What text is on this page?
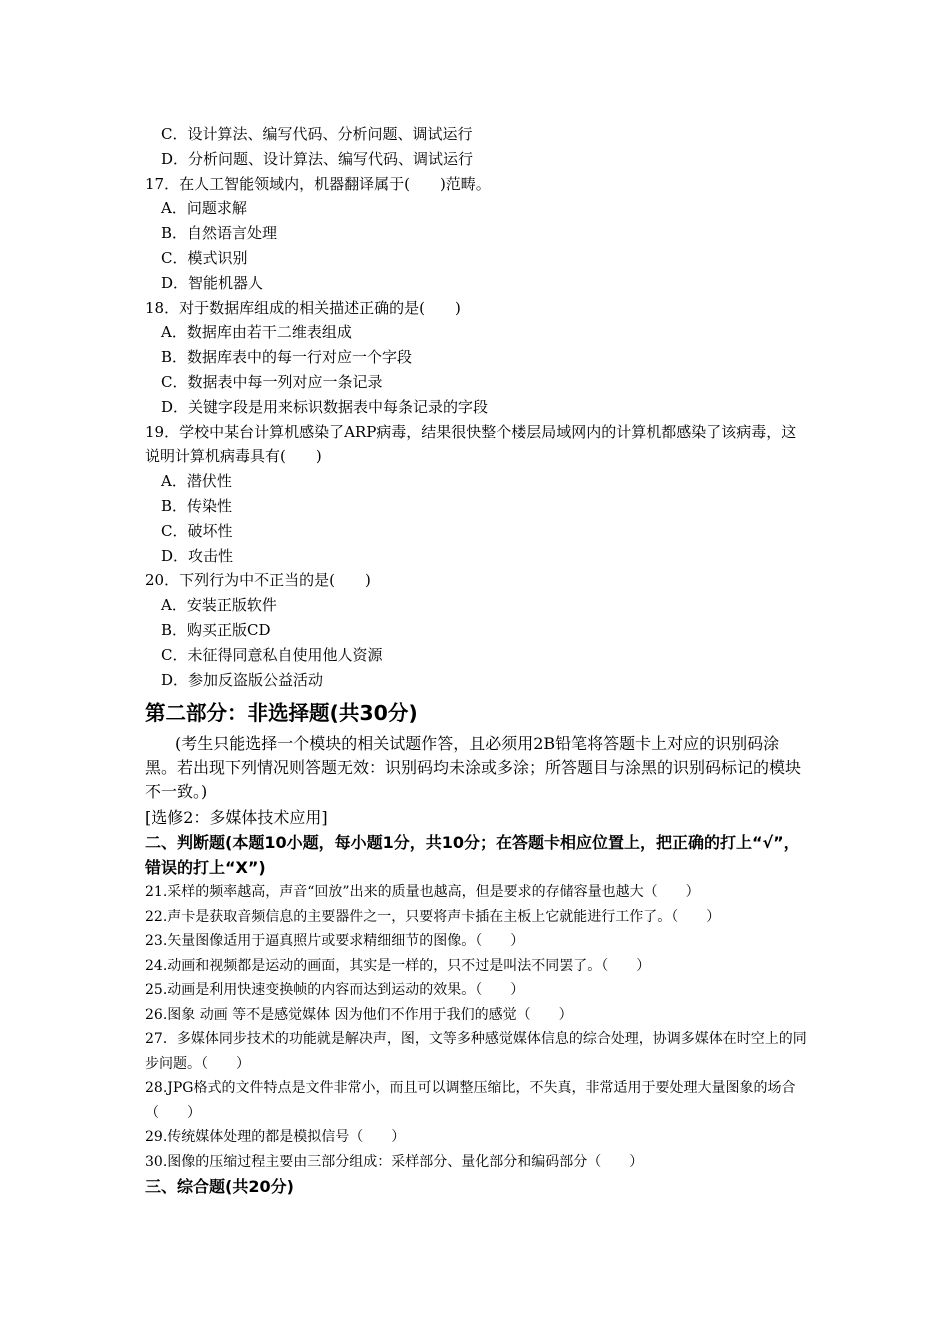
C．设计算法、编写代码、分析问题、调试运行
D．分析问题、设计算法、编写代码、调试运行
17．在人工智能领域内，机器翻译属于(　　)范畴。
A．问题求解
B．自然语言处理
C．模式识别
D．智能机器人
18．对于数据库组成的相关描述正确的是(　　)
A．数据库由若干二维表组成
B．数据库表中的每一行对应一个字段
C．数据表中每一列对应一条记录
D．关键字段是用来标识数据表中每条记录的字段
19．学校中某台计算机感染了ARP病毒，结果很快整个楼层局域网内的计算机都感染了该病毒，这说明计算机病毒具有(　　)
A．潜伏性
B．传染性
C．破坏性
D．攻击性
20．下列行为中不正当的是(　　)
A．安装正版软件
B．购买正版CD
C．未征得同意私自使用他人资源
D．参加反盗版公益活动
第二部分：非选择题(共30分)
(考生只能选择一个模块的相关试题作答，且必须用2B铅笔将答题卡上对应的识别码涂黑。若出现下列情况则答题无效：识别码均未涂或多涂；所答题目与涂黑的识别码标记的模块不一致。)
[选修2：多媒体技术应用]
二、判断题(本题10小题，每小题1分，共10分；在答题卡相应位置上，把正确的打上“√”，错误的打上“X”)
21.采样的频率越高，声音“回放”出来的质量也越高，但是要求的存储容量也越大（　　）
22.声卡是获取音频信息的主要器件之一，只要将声卡插在主板上它就能进行工作了。（　　）
23.矢量图像适用于逼真照片或要求精细细节的图像。（　　）
24.动画和视频都是运动的画面，其实是一样的，只不过是叫法不同罢了。（　　）
25.动画是利用快速变换帧的内容而达到运动的效果。（　　）
26.图象 动画 等不是感觉媒体 因为他们不作用于我们的感觉（　　）
27．多媒体同步技术的功能就是解决声，图，文等多种感觉媒体信息的综合处理，协调多媒体在时空上的同步问题。（　　）
28.JPG格式的文件特点是文件非常小，而且可以调整压缩比，不失真，非常适用于要处理大量图象的场合（　　）
29.传统媒体处理的都是模拟信号（　　）
30.图像的压缩过程主要由三部分组成：采样部分、量化部分和编码部分（　　）
三、综合题(共20分)
